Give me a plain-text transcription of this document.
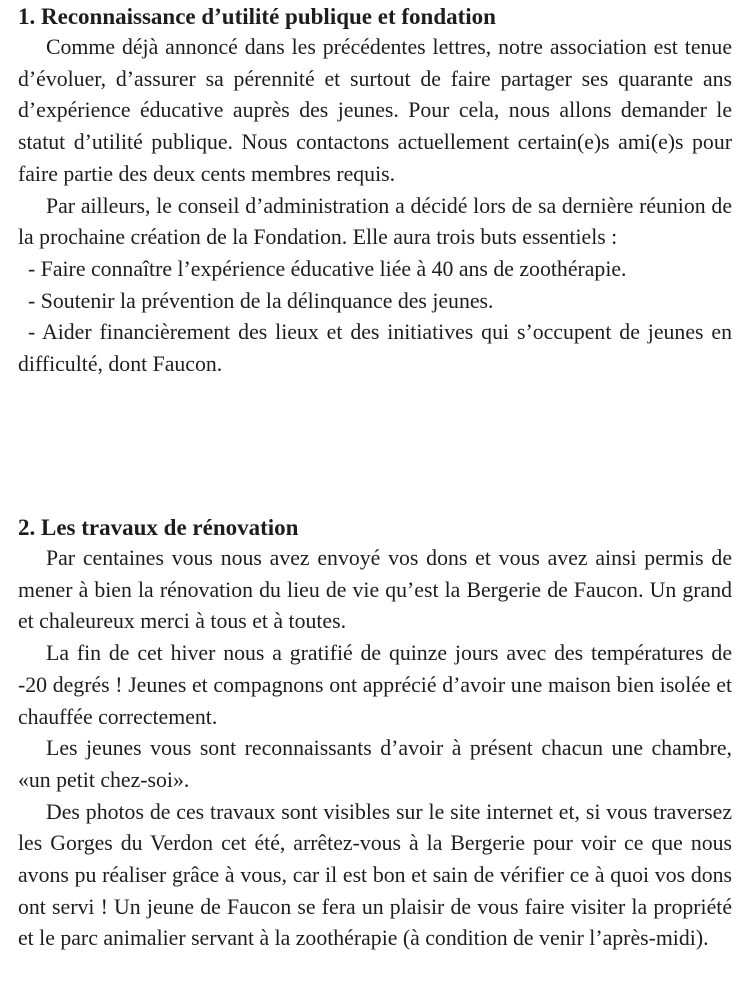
1. Reconnaissance d’utilité publique et fondation

Comme déjà annoncé dans les précédentes lettres, notre association est tenue d’évoluer, d’assurer sa pérennité et surtout de faire partager ses quarante ans d’expérience éducative auprès des jeunes. Pour cela, nous allons demander le statut d’utilité publique. Nous contactons actuellement certain(e)s ami(e)s pour faire partie des deux cents membres requis.

Par ailleurs, le conseil d’administration a décidé lors de sa dernière réunion de la prochaine création de la Fondation. Elle aura trois buts essentiels :

- Faire connaître l’expérience éducative liée à 40 ans de zoothérapie.

- Soutenir la prévention de la délinquance des jeunes.

- Aider financièrement des lieux et des initiatives qui s’occupent de jeunes en difficulté, dont Faucon.

2. Les travaux de rénovation

Par centaines vous nous avez envoyé vos dons et vous avez ainsi permis de mener à bien la rénovation du lieu de vie qu’est la Bergerie de Faucon. Un grand et chaleureux merci à tous et à toutes.

La fin de cet hiver nous a gratifié de quinze jours avec des températures de -20 degrés ! Jeunes et compagnons ont apprécié d’avoir une maison bien isolée et chauffée correctement.

Les jeunes vous sont reconnaissants d’avoir à présent chacun une chambre, «un petit chez-soi».

Des photos de ces travaux sont visibles sur le site internet et, si vous traversez les Gorges du Verdon cet été, arrêtez-vous à la Bergerie pour voir ce que nous avons pu réaliser grâce à vous, car il est bon et sain de vérifier ce à quoi vos dons ont servi ! Un jeune de Faucon se fera un plaisir de vous faire visiter la propriété et le parc animalier servant à la zoothérapie (à condition de venir l’après-midi).
